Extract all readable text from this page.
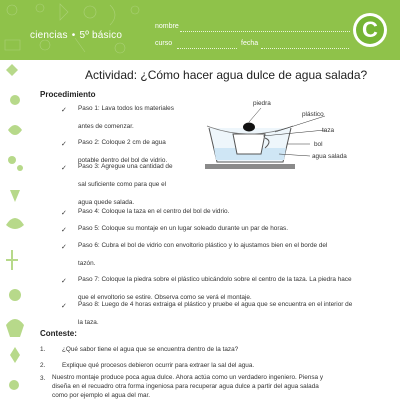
ciencias • 5º básico
nombre
curso	fecha
C
Actividad: ¿Cómo hacer agua dulce de agua salada?
Procedimiento
✓ Paso 1: Lava todos los materiales
antes de comenzar.
✓ Paso 2: Coloque 2 cm de agua
potable dentro del bol de vidrio.
✓ Paso 3: Agregue una cantidad de
sal suficiente como para que el
agua quede salada.
piedra
plástico
taza
bol
agua salada
✓ Paso 4: Coloque la taza en el centro del bol de vidrio.
✓ Paso 5: Coloque su montaje en un lugar soleado durante un par de horas.
✓ Paso 6: Cubra el bol de vidrio con envoltorio plástico y lo ajustamos bien en el borde del
tazón.
✓ Paso 7: Coloque la piedra sobre el plástico ubicándolo sobre el centro de la taza. La piedra hace
que el envoltorio se estire. Observa como se verá el montaje.
✓ Paso 8: Luego de 4 horas extraiga el plástico y pruebe el agua que se encuentra en el interior de
la taza.
Conteste:
1.	¿Qué sabor tiene el agua que se encuentra dentro de la taza?
2.	Explique qué procesos debieron ocurrir para extraer la sal del agua.
3. Nuestro montaje produce poca agua dulce. Ahora actúa como un verdadero ingeniero. Piensa y
diseña en el recuadro otra forma ingeniosa para recuperar agua dulce a partir del agua salada
como por ejemplo el agua del mar.
